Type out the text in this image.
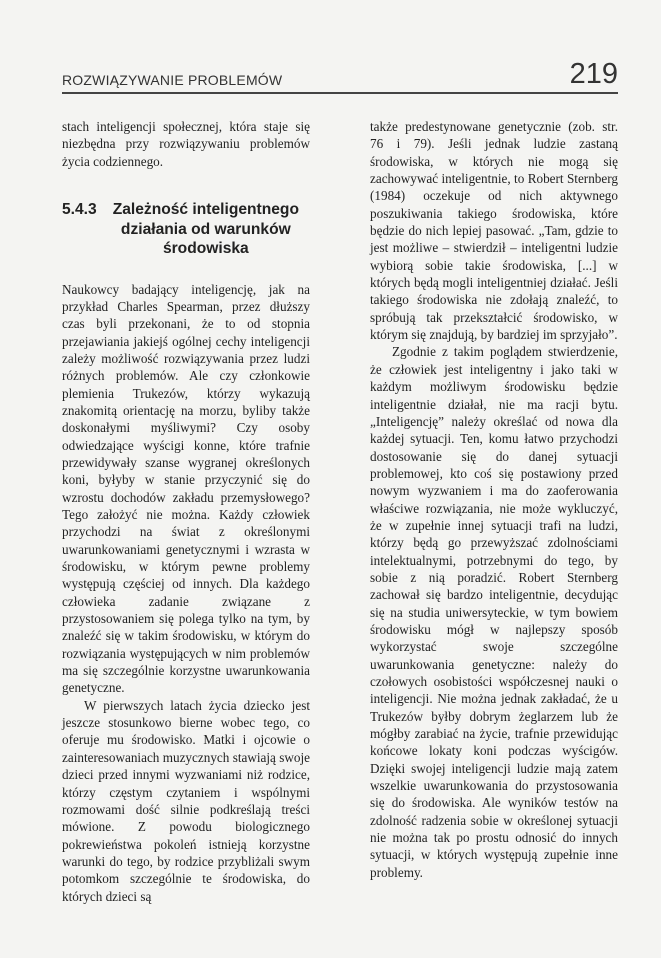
ROZWIĄZYWANIE PROBLEMÓW	219

stach inteligencji społecznej, która staje się niezbędna przy rozwiązywaniu problemów życia codziennego.

5.4.3	Zależność inteligentnego działania od warunków środowiska

Naukowcy badający inteligencję, jak na przykład Charles Spearman, przez dłuższy czas byli przekonani, że to od stopnia przejawiania jakiejś ogólnej cechy inteligencji zależy możliwość rozwiązywania przez ludzi różnych problemów. Ale czy członkowie plemienia Trukezów, którzy wykazują znakomitą orientację na morzu, byliby także doskonałymi myśliwymi? Czy osoby odwiedzające wyścigi konne, które trafnie przewidywały szanse wygranej określonych koni, byłyby w stanie przyczynić się do wzrostu dochodów zakładu przemysłowego? Tego założyć nie można. Każdy człowiek przychodzi na świat z określonymi uwarunkowaniami genetycznymi i wzrasta w środowisku, w którym pewne problemy występują częściej od innych. Dla każdego człowieka zadanie związane z przystosowaniem się polega tylko na tym, by znaleźć się w takim środowisku, w którym do rozwiązania występujących w nim problemów ma się szczególnie korzystne uwarunkowania genetyczne.

W pierwszych latach życia dziecko jest jeszcze stosunkowo bierne wobec tego, co oferuje mu środowisko. Matki i ojcowie o zainteresowaniach muzycznych stawiają swoje dzieci przed innymi wyzwaniami niż rodzice, którzy częstym czytaniem i wspólnymi rozmowami dość silnie podkreślają treści mówione. Z powodu biologicznego pokrewieństwa pokoleń istnieją korzystne warunki do tego, by rodzice przybliżali swym potomkom szczególnie te środowiska, do których dzieci są

także predestynowane genetycznie (zob. str. 76 i 79). Jeśli jednak ludzie zastaną środowiska, w których nie mogą się zachowywać inteligentnie, to Robert Sternberg (1984) oczekuje od nich aktywnego poszukiwania takiego środowiska, które będzie do nich lepiej pasować. „Tam, gdzie to jest możliwe – stwierdził – inteligentni ludzie wybiorą sobie takie środowiska, [...] w których będą mogli inteligentniej działać. Jeśli takiego środowiska nie zdołają znaleźć, to spróbują tak przekształcić środowisko, w którym się znajdują, by bardziej im sprzyjało”.

Zgodnie z takim poglądem stwierdzenie, że człowiek jest inteligentny i jako taki w każdym możliwym środowisku będzie inteligentnie działał, nie ma racji bytu. „Inteligencję” należy określać od nowa dla każdej sytuacji. Ten, komu łatwo przychodzi dostosowanie się do danej sytuacji problemowej, kto coś się postawiony przed nowym wyzwaniem i ma do zaoferowania właściwe rozwiązania, nie może wykluczyć, że w zupełnie innej sytuacji trafi na ludzi, którzy będą go przewyższać zdolnościami intelektualnymi, potrzebnymi do tego, by sobie z nią poradzić. Robert Sternberg zachował się bardzo inteligentnie, decydując się na studia uniwersyteckie, w tym bowiem środowisku mógł w najlepszy sposób wykorzystać swoje szczególne uwarunkowania genetyczne: należy do czołowych osobistości współczesnej nauki o inteligencji. Nie można jednak zakładać, że u Trukezów byłby dobrym żeglarzem lub że mógłby zarabiać na życie, trafnie przewidując końcowe lokaty koni podczas wyścigów. Dzięki swojej inteligencji ludzie mają zatem wszelkie uwarunkowania do przystosowania się do środowiska. Ale wyników testów na zdolność radzenia sobie w określonej sytuacji nie można tak po prostu odnosić do innych sytuacji, w których występują zupełnie inne problemy.
